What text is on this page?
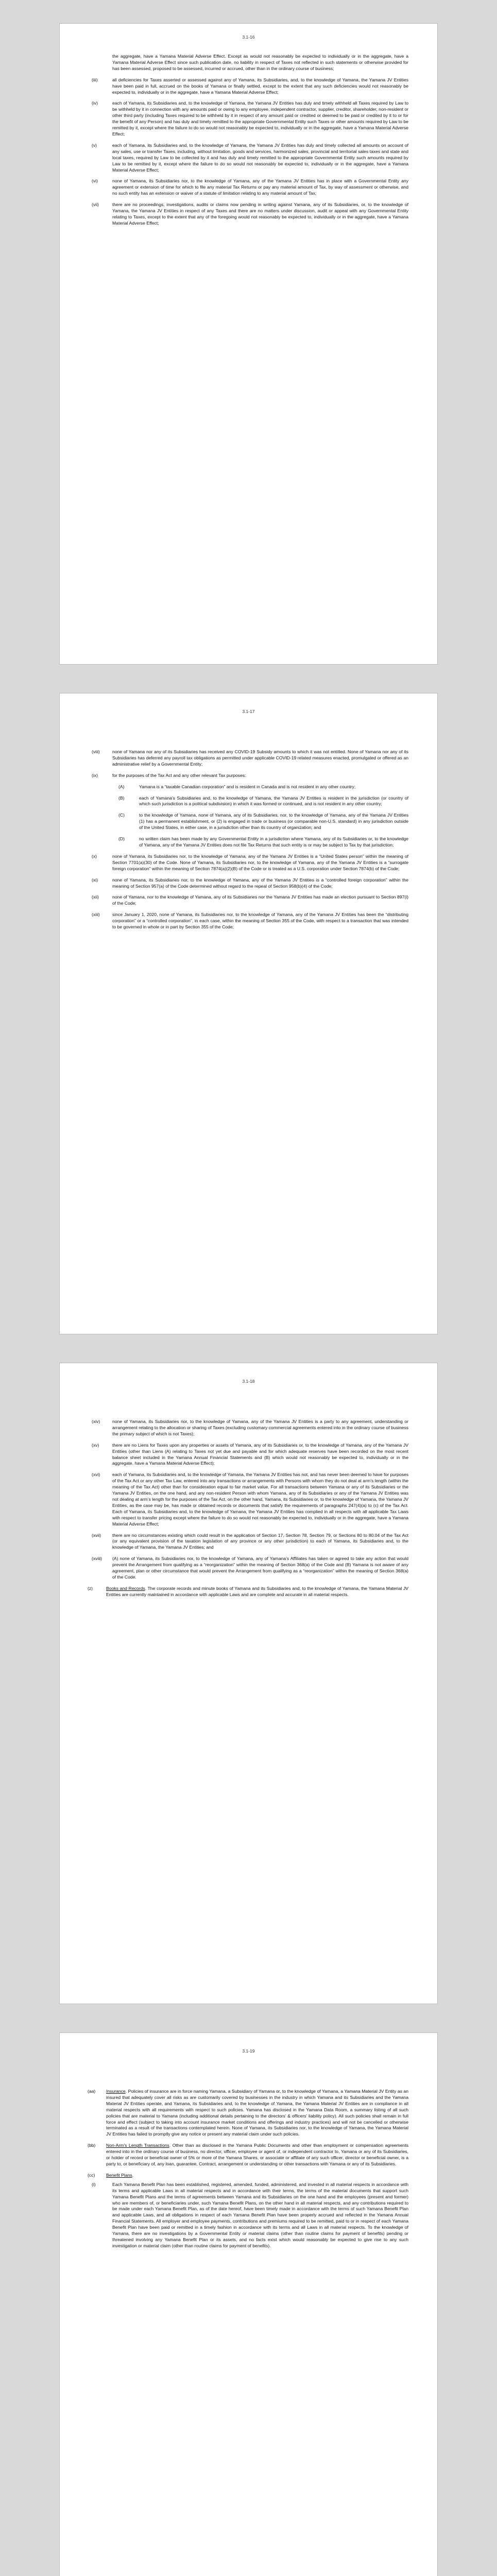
3.1-16
the aggregate, have a Yamana Material Adverse Effect. Except as would not reasonably be expected to individually or in the aggregate, have a Yamana Material Adverse Effect since such publication date, no liability in respect of Taxes not reflected in such statements or otherwise provided for has been assessed, proposed to be assessed, incurred or accrued, other than in the ordinary course of business;
(iii)	all deficiencies for Taxes asserted or assessed against any of Yamana, its Subsidiaries, and, to the knowledge of Yamana, the Yamana JV Entities have been paid in full, accrued on the books of Yamana or finally settled, except to the extent that any such deficiencies would not reasonably be expected to, individually or in the aggregate, have a Yamana Material Adverse Effect;
(iv)	each of Yamana, its Subsidiaries and, to the knowledge of Yamana, the Yamana JV Entities has duly and timely withheld all Taxes required by Law to be withheld by it in connection with any amounts paid or owing to any employee, independent contractor, supplier, creditor, shareholder, non-resident or other third party (including Taxes required to be withheld by it in respect of any amount paid or credited or deemed to be paid or credited by it to or for the benefit of any Person) and has duly and timely remitted to the appropriate Governmental Entity such Taxes or other amounts required by Law to be remitted by it, except where the failure to do so would not reasonably be expected to, individually or in the aggregate, have a Yamana Material Adverse Effect;
(v)	each of Yamana, its Subsidiaries and, to the knowledge of Yamana, the Yamana JV Entities has duly and timely collected all amounts on account of any sales, use or transfer Taxes, including, without limitation, goods and services, harmonized sales, provincial and territorial sales taxes and state and local taxes, required by Law to be collected by it and has duly and timely remitted to the appropriate Governmental Entity such amounts required by Law to be remitted by it, except where the failure to do so would not reasonably be expected to, individually or in the aggregate, have a Yamana Material Adverse Effect;
(vi)	none of Yamana, its Subsidiaries nor, to the knowledge of Yamana, any of the Yamana JV Entities has in place with a Governmental Entity any agreement or extension of time for which to file any material Tax Returns or pay any material amount of Tax, by way of assessment or otherwise, and no such entity has an extension or waiver of a statute of limitation relating to any material amount of Tax;
(vii)	there are no proceedings, investigations, audits or claims now pending in writing against Yamana, any of its Subsidiaries, or, to the knowledge of Yamana, the Yamana JV Entities in respect of any Taxes and there are no matters under discussion, audit or appeal with any Governmental Entity relating to Taxes, except to the extent that any of the foregoing would not reasonably be expected to, individually or in the aggregate, have a Yamana Material Adverse Effect;
3.1-17
(viii)	none of Yamana nor any of its Subsidiaries has received any COVID-19 Subsidy amounts to which it was not entitled. None of Yamana nor any of its Subsidiaries has deferred any payroll tax obligations as permitted under applicable COVID-19 related measures enacted, promulgated or offered as an administrative relief by a Governmental Entity;
(ix)	for the purposes of the Tax Act and any other relevant Tax purposes:
(A)	Yamana is a “taxable Canadian corporation” and is resident in Canada and is not resident in any other country;
(B)	each of Yamana’s Subsidiaries and, to the knowledge of Yamana, the Yamana JV Entities is resident in the jurisdiction (or country of which such jurisdiction is a political subdivision) in which it was formed or continued, and is not resident in any other country;
(C)	to the knowledge of Yamana, none of Yamana, any of its Subsidiaries, nor, to the knowledge of Yamana, any of the Yamana JV Entities (1) has a permanent establishment, or (2) is engaged in trade or business (or comparable non-U.S. standard) in any jurisdiction outside of the United States, in either case, in a jurisdiction other than its country of organization; and
(D)	no written claim has been made by any Governmental Entity in a jurisdiction where Yamana, any of its Subsidiaries or, to the knowledge of Yamana, any of the Yamana JV Entities does not file Tax Returns that such entity is or may be subject to Tax by that jurisdiction;
(x)	none of Yamana, its Subsidiaries nor, to the knowledge of Yamana, any of the Yamana JV Entities is a “United States person” within the meaning of Section 7701(a)(30) of the Code. None of Yamana, its Subsidiaries nor, to the knowledge of Yamana, any of the Yamana JV Entities is a “surrogate foreign corporation” within the meaning of Section 7874(a)(2)(B) of the Code or is treated as a U.S. corporation under Section 7874(b) of the Code;
(xi)	none of Yamana, its Subsidiaries nor, to the knowledge of Yamana, any of the Yamana JV Entities is a “controlled foreign corporation” within the meaning of Section 957(a) of the Code determined without regard to the repeal of Section 958(b)(4) of the Code;
(xii)	none of Yamana, nor to the knowledge of Yamana, any of its Subsidiaries nor the Yamana JV Entities has made an election pursuant to Section 897(i) of the Code;
(xiii)	since January 1, 2020, none of Yamana, its Subsidiaries nor, to the knowledge of Yamana, any of the Yamana JV Entities has been the “distributing corporation” or a “controlled corporation”, in each case, within the meaning of Section 355 of the Code, with respect to a transaction that was intended to be governed in whole or in part by Section 355 of the Code;
3.1-18
(xiv)	none of Yamana, its Subsidiaries nor, to the knowledge of Yamana, any of the Yamana JV Entities is a party to any agreement, understanding or arrangement relating to the allocation or sharing of Taxes (excluding customary commercial agreements entered into in the ordinary course of business the primary subject of which is not Taxes);
(xv)	there are no Liens for Taxes upon any properties or assets of Yamana, any of its Subsidiaries or, to the knowledge of Yamana, any of the Yamana JV Entities (other than Liens (A) relating to Taxes not yet due and payable and for which adequate reserves have been recorded on the most recent balance sheet included in the Yamana Annual Financial Statements and (B) which would not reasonably be expected to, individually or in the aggregate, have a Yamana Material Adverse Effect);
(xvi)	each of Yamana, its Subsidiaries and, to the knowledge of Yamana, the Yamana JV Entities has not, and has never been deemed to have for purposes of the Tax Act or any other Tax Law, entered into any transactions or arrangements with Persons with whom they do not deal at arm’s length (within the meaning of the Tax Act) other than for consideration equal to fair market value. For all transactions between Yamana or any of its Subsidiaries or the Yamana JV Entities, on the one hand, and any non-resident Person with whom Yamana, any of its Subsidiaries or any of the Yamana JV Entities was not dealing at arm’s length for the purposes of the Tax Act, on the other hand, Yamana, its Subsidiaries or, to the knowledge of Yamana, the Yamana JV Entities, as the case may be, has made or obtained records or documents that satisfy the requirements of paragraphs 247(4)(a) to (c) of the Tax Act. Each of Yamana, its Subsidiaries and, to the knowledge of Yamana, the Yamana JV Entities has complied in all respects with all applicable Tax Laws with respect to transfer pricing except where the failure to do so would not reasonably be expected to, individually or in the aggregate, have a Yamana Material Adverse Effect;
(xvii)	there are no circumstances existing which could result in the application of Section 17, Section 78, Section 79, or Sections 80 to 80.04 of the Tax Act (or any equivalent provision of the taxation legislation of any province or any other jurisdiction) to each of Yamana, its Subsidiaries and, to the knowledge of Yamana, the Yamana JV Entities; and
(xviii) (A) none of Yamana, its Subsidiaries nor, to the knowledge of Yamana, any of Yamana’s Affiliates has taken or agreed to take any action that would prevent the Arrangement from qualifying as a “reorganization” within the meaning of Section 368(a) of the Code and (B) Yamana is not aware of any agreement, plan or other circumstance that would prevent the Arrangement from qualifying as a “reorganization” within the meaning of Section 368(a) of the Code.
(z)	Books and Records. The corporate records and minute books of Yamana and its Subsidiaries and, to the knowledge of Yamana, the Yamana Material JV Entities are currently maintained in accordance with applicable Laws and are complete and accurate in all material respects.
3.1-19
(aa) Insurance. Policies of insurance are in force naming Yamana, a Subsidiary of Yamana or, to the knowledge of Yamana, a Yamana Material JV Entity as an insured that adequately cover all risks as are customarily covered by businesses in the industry in which Yamana and its Subsidiaries and the Yamana Material JV Entities operate, and Yamana, its Subsidiaries and, to the knowledge of Yamana, the Yamana Material JV Entities are in compliance in all material respects with all requirements with respect to such policies. Yamana has disclosed in the Yamana Data Room, a summary listing of all such policies that are material to Yamana (including additional details pertaining to the directors’ & officers’ liability policy). All such policies shall remain in full force and effect (subject to taking into account insurance market conditions and offerings and industry practices) and will not be cancelled or otherwise terminated as a result of the transactions contemplated herein. None of Yamana, its Subsidiaries nor, to the knowledge of Yamana, the Yamana Material JV Entities has failed to promptly give any notice or present any material claim under such policies.
(bb) Non-Arm’s Length Transactions. Other than as disclosed in the Yamana Public Documents and other than employment or compensation agreements entered into in the ordinary course of business, no director, officer, employee or agent of, or independent contractor to, Yamana or any of its Subsidiaries, or holder of record or beneficial owner of 5% or more of the Yamana Shares, or associate or affiliate of any such officer, director or beneficial owner, is a party to, or beneficiary of, any loan, guarantee, Contract, arrangement or understanding or other transactions with Yamana or any of its Subsidiaries.
(cc)	Benefit Plans.
(i)	Each Yamana Benefit Plan has been established, registered, amended, funded, administered, and invested in all material respects in accordance with its terms and applicable Laws in all material respects and in accordance with their terms, the terms of the material documents that support such Yamana Benefit Plans and the terms of agreements between Yamana and its Subsidiaries on the one hand and the employees (present and former) who are members of, or beneficiaries under, such Yamana Benefit Plans, on the other hand in all material respects, and any contributions required to be made under each Yamana Benefit Plan, as of the date hereof, have been timely made in accordance with the terms of such Yamana Benefit Plan and applicable Laws, and all obligations in respect of each Yamana Benefit Plan have been properly accrued and reflected in the Yamana Annual Financial Statements. All employer and employee payments, contributions and premiums required to be remitted, paid to or in respect of each Yamana Benefit Plan have been paid or remitted in a timely fashion in accordance with its terms and all Laws in all material respects. To the knowledge of Yamana, there are no investigations by a Governmental Entity or material claims (other than routine claims for payment of benefits) pending or threatened involving any Yamana Benefit Plan or its assets, and no facts exist which would reasonably be expected to give rise to any such investigation or material claim (other than routine claims for payment of benefits).
